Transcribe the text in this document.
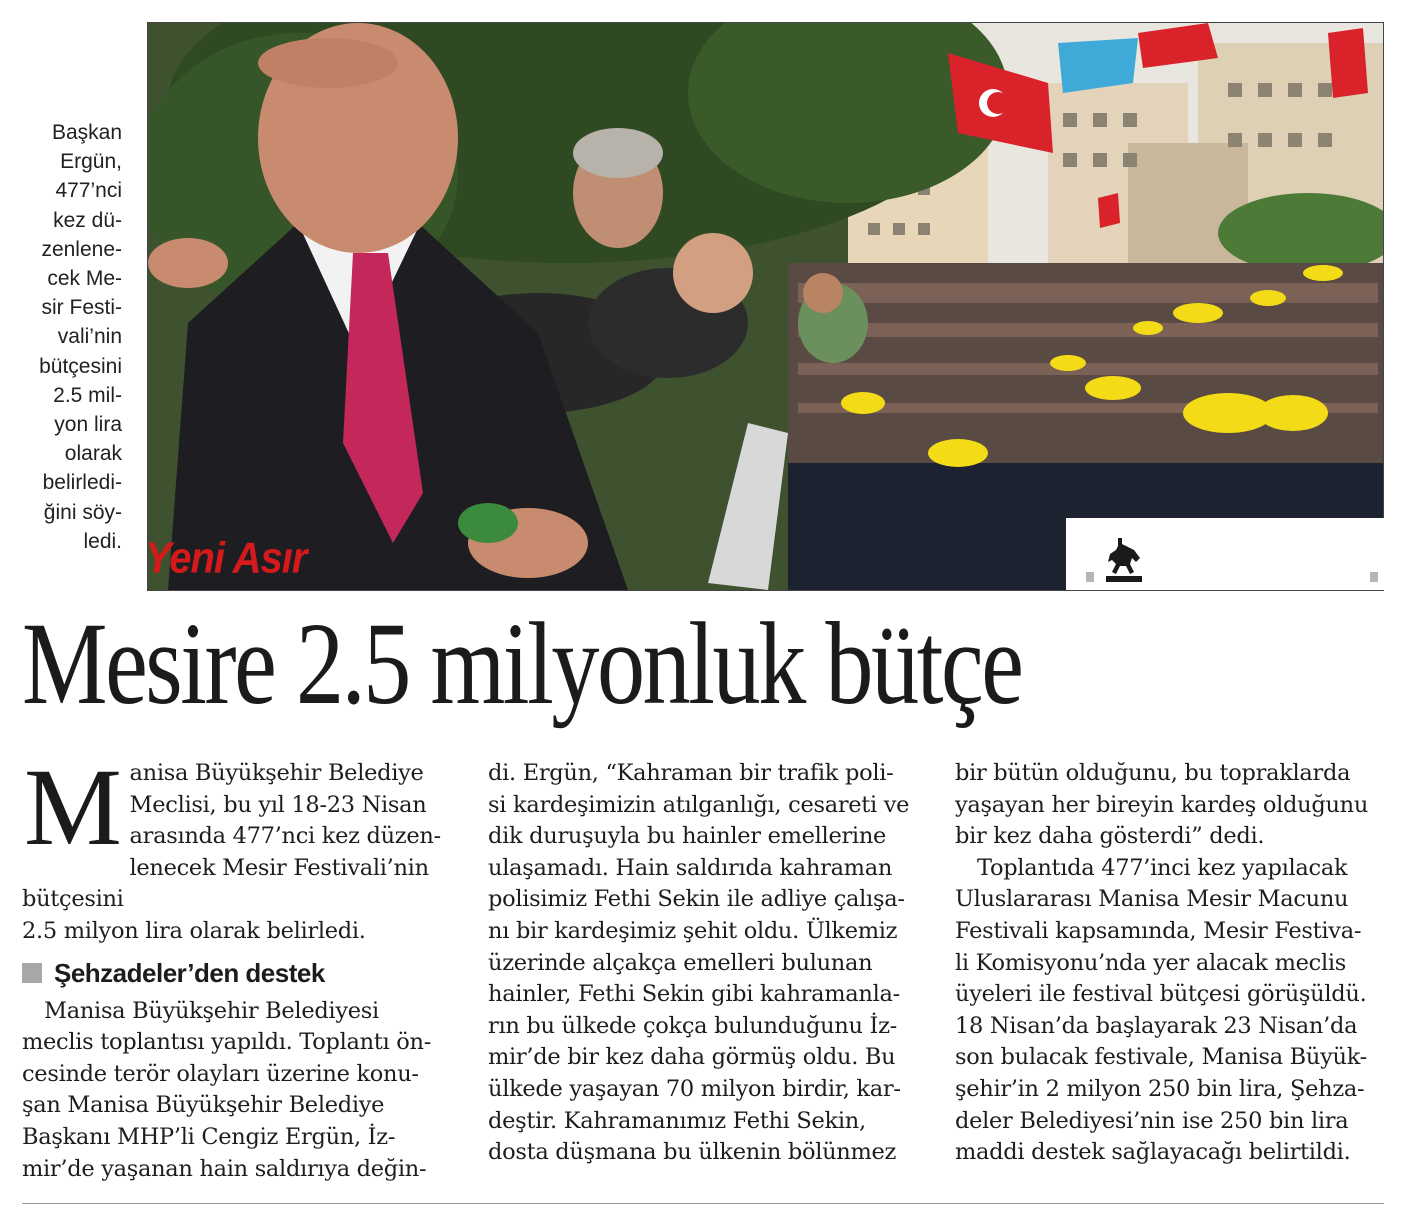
Başkan
Ergün,
477’nci
kez dü-
zenlene-
cek Me-
sir Festi-
vali’nin
bütçesini
2.5 mil-
yon lira
olarak
belirledi-
ğini söy-
ledi. Yeni Asır
Mesire 2.5 milyonluk bütçe
M anisa Büyükşehir Belediye
Meclisi, bu yıl 18-23 Nisan
arasında 477’nci kez düzen-
lenecek Mesir Festivali’nin bütçesini
2.5 milyon lira olarak belirledi.

Şehzadeler’den destek

Manisa Büyükşehir Belediyesi
meclis toplantısı yapıldı. Toplantı ön-
cesinde terör olayları üzerine konu-
şan Manisa Büyükşehir Belediye
Başkanı MHP’li Cengiz Ergün, İz-
mir’de yaşanan hain saldırıya değin-

di. Ergün, “Kahraman bir trafik poli-
si kardeşimizin atılganlığı, cesareti ve
dik duruşuyla bu hainler emellerine
ulaşamadı. Hain saldırıda kahraman
polisimiz Fethi Sekin ile adliye çalışa-
nı bir kardeşimiz şehit oldu. Ülkemiz
üzerinde alçakça emelleri bulunan
hainler, Fethi Sekin gibi kahramanla-
rın bu ülkede çokça bulunduğunu İz-
mir’de bir kez daha görmüş oldu. Bu
ülkede yaşayan 70 milyon birdir, kar-
deştir. Kahramanımız Fethi Sekin,
dosta düşmana bu ülkenin bölünmez

bir bütün olduğunu, bu topraklarda
yaşayan her bireyin kardeş olduğunu
bir kez daha gösterdi” dedi.

Toplantıda 477’inci kez yapılacak
Uluslararası Manisa Mesir Macunu
Festivali kapsamında, Mesir Festiva-
li Komisyonu’nda yer alacak meclis
üyeleri ile festival bütçesi görüşüldü.
18 Nisan’da başlayarak 23 Nisan’da
son bulacak festivale, Manisa Büyük-
şehir’in 2 milyon 250 bin lira, Şehza-
deler Belediyesi’nin ise 250 bin lira
maddi destek sağlayacağı belirtildi.
